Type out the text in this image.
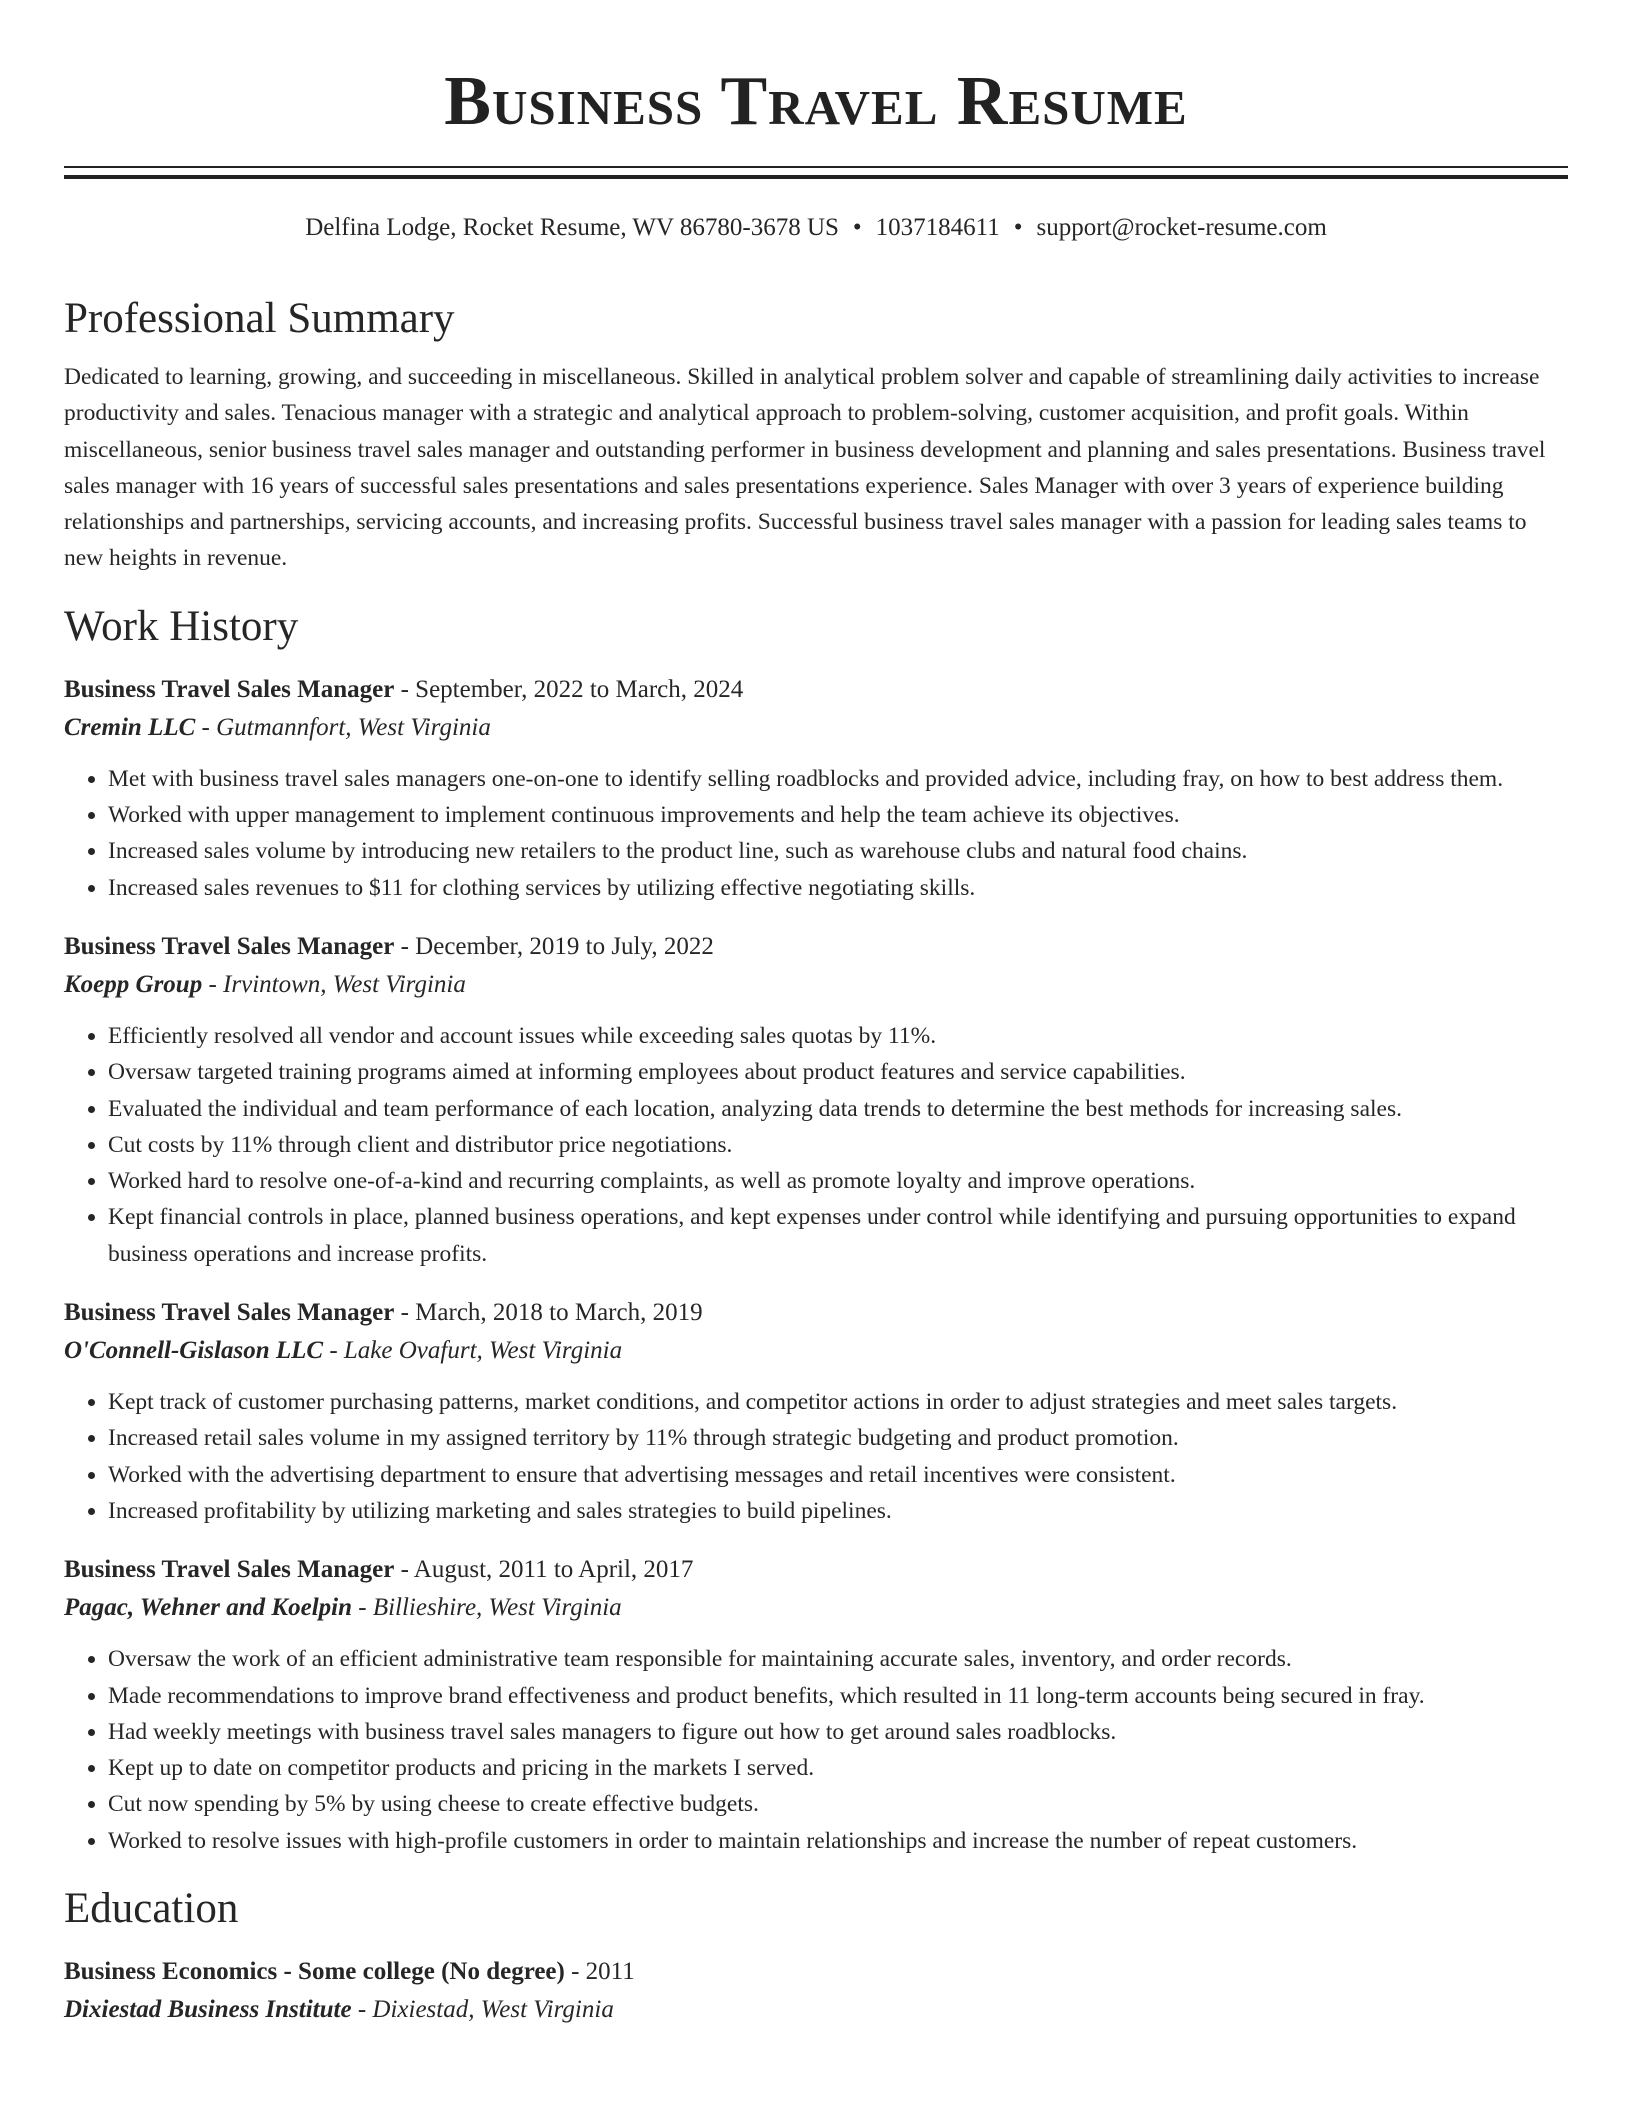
Business Travel Resume
Delfina Lodge, Rocket Resume, WV 86780-3678 US • 1037184611 • support@rocket-resume.com
Professional Summary

Dedicated to learning, growing, and succeeding in miscellaneous. Skilled in analytical problem solver and capable of streamlining daily activities to increase productivity and sales. Tenacious manager with a strategic and analytical approach to problem-solving, customer acquisition, and profit goals. Within miscellaneous, senior business travel sales manager and outstanding performer in business development and planning and sales presentations. Business travel sales manager with 16 years of successful sales presentations and sales presentations experience. Sales Manager with over 3 years of experience building relationships and partnerships, servicing accounts, and increasing profits. Successful business travel sales manager with a passion for leading sales teams to new heights in revenue.

Work History
Business Travel Sales Manager - September, 2022 to March, 2024
Cremin LLC - Gutmannfort, West Virginia
• Met with business travel sales managers one-on-one to identify selling roadblocks and provided advice, including fray, on how to best address them.
• Worked with upper management to implement continuous improvements and help the team achieve its objectives.
• Increased sales volume by introducing new retailers to the product line, such as warehouse clubs and natural food chains.
• Increased sales revenues to $11 for clothing services by utilizing effective negotiating skills.
Business Travel Sales Manager - December, 2019 to July, 2022
Koepp Group - Irvintown, West Virginia
• Efficiently resolved all vendor and account issues while exceeding sales quotas by 11%.
• Oversaw targeted training programs aimed at informing employees about product features and service capabilities.
• Evaluated the individual and team performance of each location, analyzing data trends to determine the best methods for increasing sales.
• Cut costs by 11% through client and distributor price negotiations.
• Worked hard to resolve one-of-a-kind and recurring complaints, as well as promote loyalty and improve operations.
• Kept financial controls in place, planned business operations, and kept expenses under control while identifying and pursuing opportunities to expand business operations and increase profits.
Business Travel Sales Manager - March, 2018 to March, 2019
O'Connell-Gislason LLC - Lake Ovafurt, West Virginia
• Kept track of customer purchasing patterns, market conditions, and competitor actions in order to adjust strategies and meet sales targets.
• Increased retail sales volume in my assigned territory by 11% through strategic budgeting and product promotion.
• Worked with the advertising department to ensure that advertising messages and retail incentives were consistent.
• Increased profitability by utilizing marketing and sales strategies to build pipelines.
Business Travel Sales Manager - August, 2011 to April, 2017
Pagac, Wehner and Koelpin - Billieshire, West Virginia
• Oversaw the work of an efficient administrative team responsible for maintaining accurate sales, inventory, and order records.
• Made recommendations to improve brand effectiveness and product benefits, which resulted in 11 long-term accounts being secured in fray.
• Had weekly meetings with business travel sales managers to figure out how to get around sales roadblocks.
• Kept up to date on competitor products and pricing in the markets I served.
• Cut now spending by 5% by using cheese to create effective budgets.
• Worked to resolve issues with high-profile customers in order to maintain relationships and increase the number of repeat customers.
Education
Business Economics - Some college (No degree) - 2011
Dixiestad Business Institute - Dixiestad, West Virginia
